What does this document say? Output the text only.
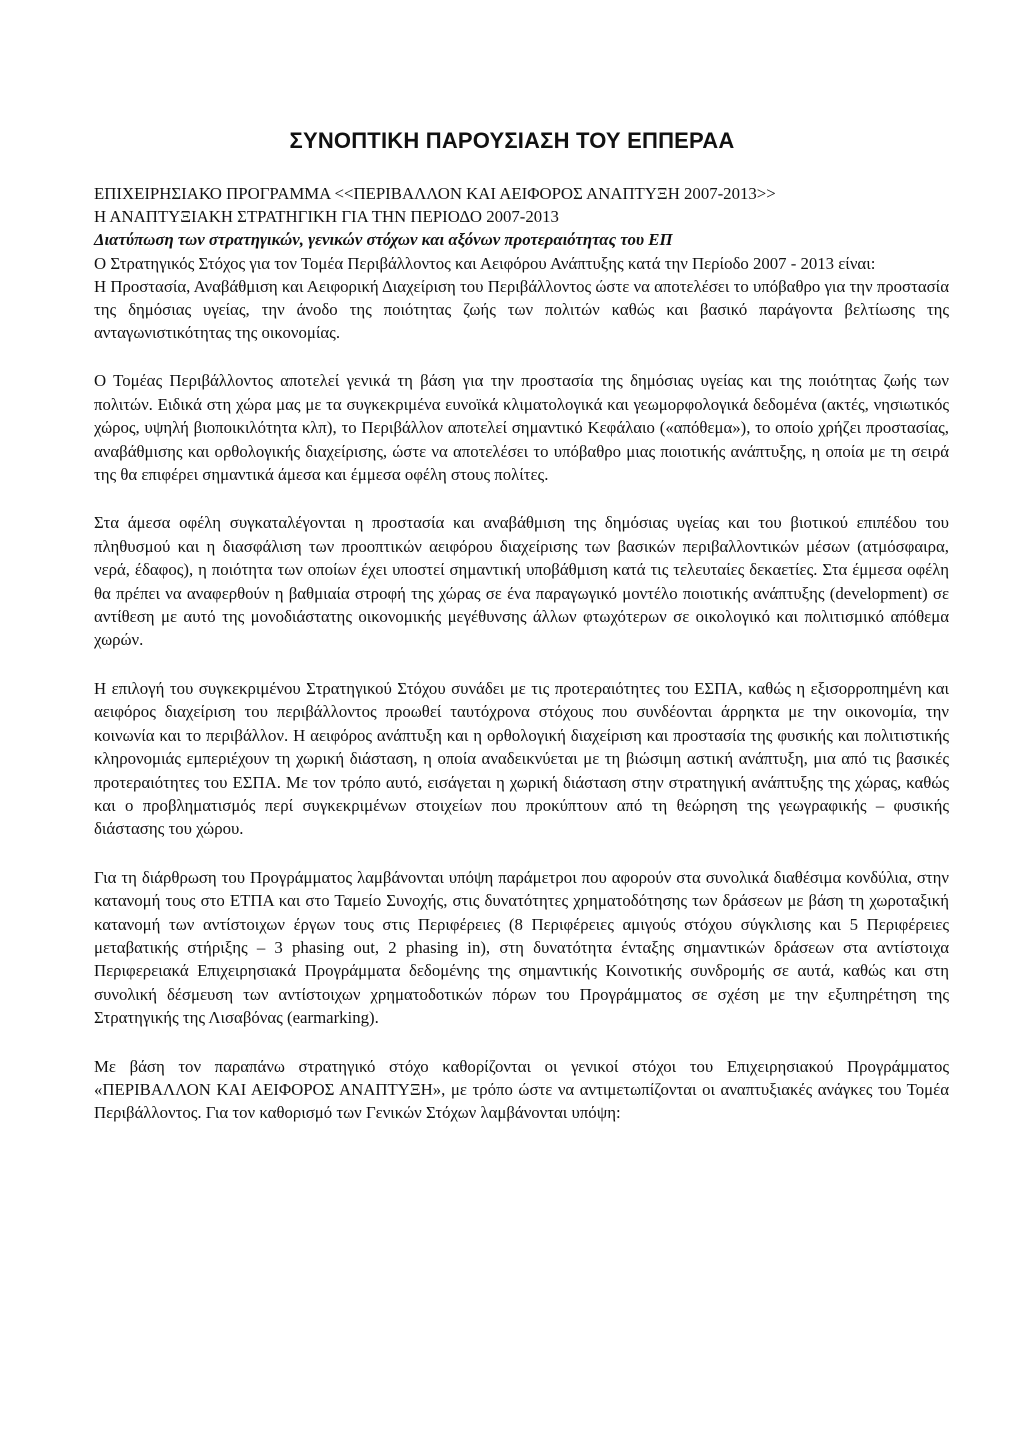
ΣΥΝΟΠΤΙΚΗ ΠΑΡΟΥΣΙΑΣΗ ΤΟΥ ΕΠΠΕΡΑΑ
ΕΠΙΧΕΙΡΗΣΙΑΚΟ ΠΡΟΓΡΑΜΜΑ <<ΠΕΡΙΒΑΛΛΟΝ ΚΑΙ ΑΕΙΦΟΡΟΣ ΑΝΑΠΤΥΞΗ 2007-2013>>
Η ΑΝΑΠΤΥΞΙΑΚΗ ΣΤΡΑΤΗΓΙΚΗ ΓΙΑ ΤΗΝ ΠΕΡΙΟΔΟ 2007-2013
Διατύπωση των στρατηγικών, γενικών στόχων και αξόνων προτεραιότητας του ΕΠ
Ο Στρατηγικός Στόχος για τον Τομέα Περιβάλλοντος και Αειφόρου Ανάπτυξης κατά την Περίοδο 2007 - 2013 είναι:
Η Προστασία, Αναβάθμιση και Αειφορική Διαχείριση του Περιβάλλοντος ώστε να αποτελέσει το υπόβαθρο για την προστασία της δημόσιας υγείας, την άνοδο της ποιότητας ζωής των πολιτών καθώς και βασικό παράγοντα βελτίωσης της ανταγωνιστικότητας της οικονομίας.

Ο Τομέας Περιβάλλοντος αποτελεί γενικά τη βάση για την προστασία της δημόσιας υγείας και της ποιότητας ζωής των πολιτών. Ειδικά στη χώρα μας με τα συγκεκριμένα ευνοϊκά κλιματολογικά και γεωμορφολογικά δεδομένα (ακτές, νησιωτικός χώρος, υψηλή βιοποικιλότητα κλπ), το Περιβάλλον αποτελεί σημαντικό Κεφάλαιο («απόθεμα»), το οποίο χρήζει προστασίας, αναβάθμισης και ορθολογικής διαχείρισης, ώστε να αποτελέσει το υπόβαθρο μιας ποιοτικής ανάπτυξης, η οποία με τη σειρά της θα επιφέρει σημαντικά άμεσα και έμμεσα οφέλη στους πολίτες.

Στα άμεσα οφέλη συγκαταλέγονται η προστασία και αναβάθμιση της δημόσιας υγείας και του βιοτικού επιπέδου του πληθυσμού και η διασφάλιση των προοπτικών αειφόρου διαχείρισης των βασικών περιβαλλοντικών μέσων (ατμόσφαιρα, νερά, έδαφος), η ποιότητα των οποίων έχει υποστεί σημαντική υποβάθμιση κατά τις τελευταίες δεκαετίες. Στα έμμεσα οφέλη θα πρέπει να αναφερθούν η βαθμιαία στροφή της χώρας σε ένα παραγωγικό μοντέλο ποιοτικής ανάπτυξης (development) σε αντίθεση με αυτό της μονοδιάστατης οικονομικής μεγέθυνσης άλλων φτωχότερων σε οικολογικό και πολιτισμικό απόθεμα χωρών.

Η επιλογή του συγκεκριμένου Στρατηγικού Στόχου συνάδει με τις προτεραιότητες του ΕΣΠΑ, καθώς η εξισορροπημένη και αειφόρος διαχείριση του περιβάλλοντος προωθεί ταυτόχρονα στόχους που συνδέονται άρρηκτα με την οικονομία, την κοινωνία και το περιβάλλον. Η αειφόρος ανάπτυξη και η ορθολογική διαχείριση και προστασία της φυσικής και πολιτιστικής κληρονομιάς εμπεριέχουν τη χωρική διάσταση, η οποία αναδεικνύεται με τη βιώσιμη αστική ανάπτυξη, μια από τις βασικές προτεραιότητες του ΕΣΠΑ. Με τον τρόπο αυτό, εισάγεται η χωρική διάσταση στην στρατηγική ανάπτυξης της χώρας, καθώς και ο προβληματισμός περί συγκεκριμένων στοιχείων που προκύπτουν από τη θεώρηση της γεωγραφικής – φυσικής διάστασης του χώρου.

Για τη διάρθρωση του Προγράμματος λαμβάνονται υπόψη παράμετροι που αφορούν στα συνολικά διαθέσιμα κονδύλια, στην κατανομή τους στο ΕΤΠΑ και στο Ταμείο Συνοχής, στις δυνατότητες χρηματοδότησης των δράσεων με βάση τη χωροταξική κατανομή των αντίστοιχων έργων τους στις Περιφέρειες (8 Περιφέρειες αμιγούς στόχου σύγκλισης και 5 Περιφέρειες μεταβατικής στήριξης – 3 phasing out, 2 phasing in), στη δυνατότητα ένταξης σημαντικών δράσεων στα αντίστοιχα Περιφερειακά Επιχειρησιακά Προγράμματα δεδομένης της σημαντικής Κοινοτικής συνδρομής σε αυτά, καθώς και στη συνολική δέσμευση των αντίστοιχων χρηματοδοτικών πόρων του Προγράμματος σε σχέση με την εξυπηρέτηση της Στρατηγικής της Λισαβόνας (earmarking).

Με βάση τον παραπάνω στρατηγικό στόχο καθορίζονται οι γενικοί στόχοι του Επιχειρησιακού Προγράμματος «ΠΕΡΙΒΑΛΛΟΝ ΚΑΙ ΑΕΙΦΟΡΟΣ ΑΝΑΠΤΥΞΗ», με τρόπο ώστε να αντιμετωπίζονται οι αναπτυξιακές ανάγκες του Τομέα Περιβάλλοντος. Για τον καθορισμό των Γενικών Στόχων λαμβάνονται υπόψη:
